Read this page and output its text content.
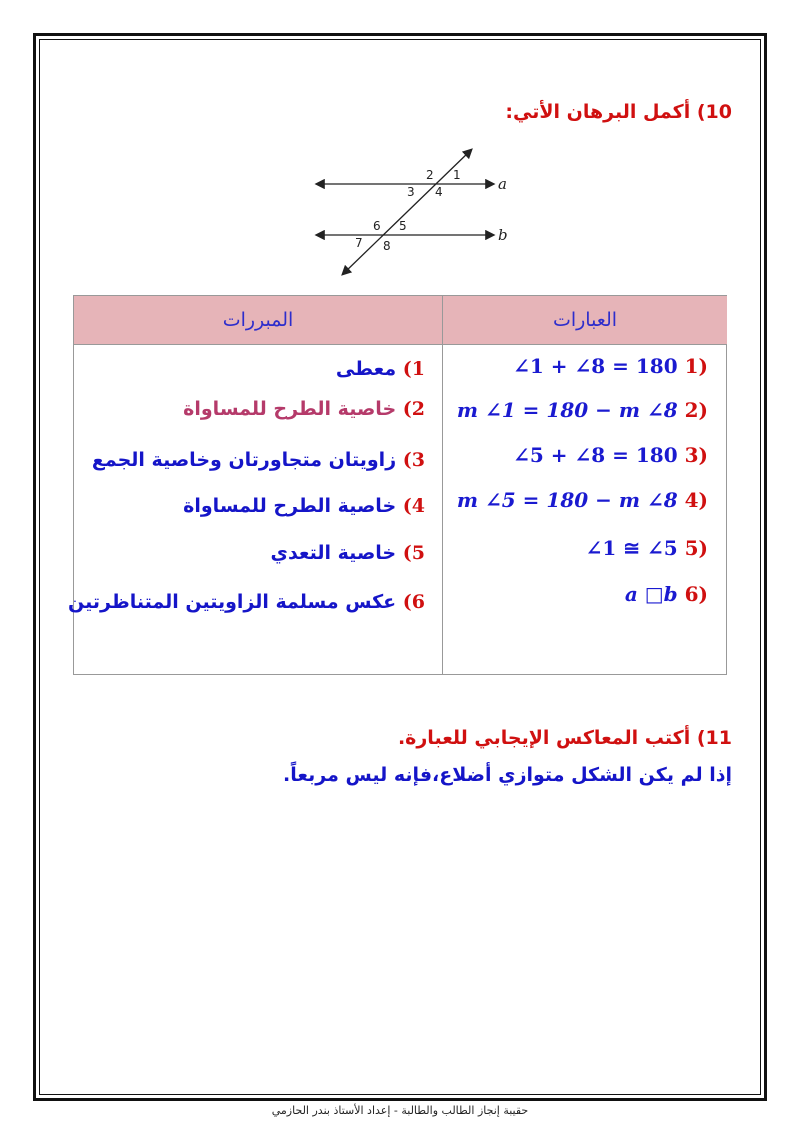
10) أكمل البرهان الأتي:
2 1
3 4
6 5
7 8
a
b
المبررات	العبارات
1) معطى
2) خاصية الطرح للمساواة
3) زاويتان متجاورتان وخاصية الجمع
4) خاصية الطرح للمساواة
5) خاصية التعدي
6) عكس مسلمة الزاويتين المتناظرتين
(1 ∠1 + ∠8 = 180
(2 m ∠1 = 180 − m ∠8
(3 ∠5 + ∠8 = 180
(4 m ∠5 = 180 − m ∠8
(5 ∠1 ≅ ∠5
(6 a □b
11) أكتب المعاكس الإيجابي للعبارة.
إذا لم يكن الشكل متوازي أضلاع،فإنه ليس مربعاً.
حقيبة إنجاز الطالب والطالبة - إعداد الأستاذ بندر الحازمي
